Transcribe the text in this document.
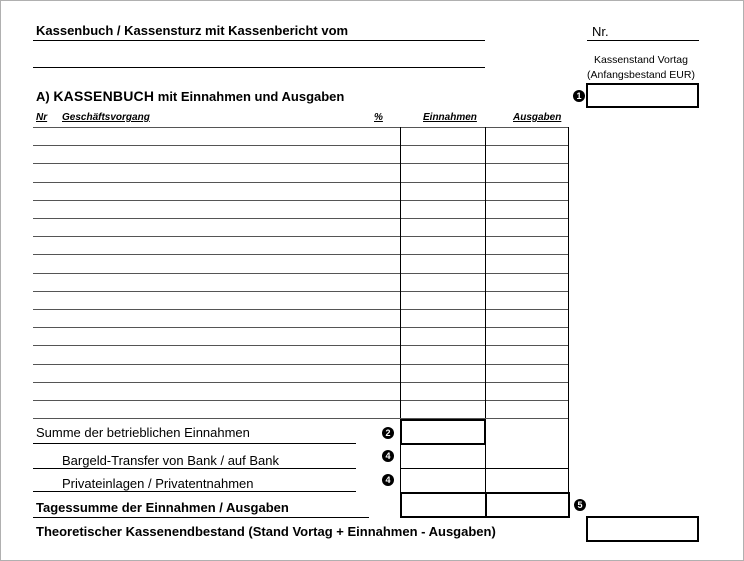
Kassenbuch / Kassensturz mit Kassenbericht vom	Nr.
Kassenstand Vortag
(Anfangsbestand EUR)
1
A) KASSENBUCH mit Einnahmen und Ausgaben
Nr Geschäftsvorgang	%	Einnahmen	Ausgaben
Summe der betrieblichen Einnahmen	2
Bargeld-Transfer von Bank / auf Bank	4
Privateinlagen / Privatentnahmen	4
Tagessumme der Einnahmen / Ausgaben	5
Theoretischer Kassenendbestand (Stand Vortag + Einnahmen - Ausgaben)
